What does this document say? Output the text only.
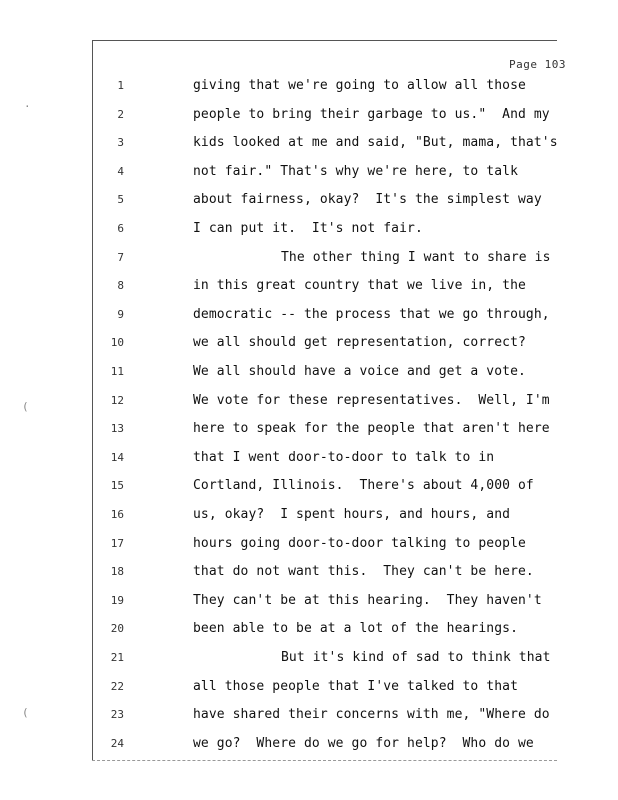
Page 103
1	giving that we're going to allow all those
2	people to bring their garbage to us."  And my
3	kids looked at me and said, "But, mama, that's
4	not fair." That's why we're here, to talk
5	about fairness, okay?  It's the simplest way
6	I can put it.  It's not fair.
7	The other thing I want to share is
8	in this great country that we live in, the
9	democratic -- the process that we go through,
10	we all should get representation, correct?
11	We all should have a voice and get a vote.
12	We vote for these representatives.  Well, I'm
13	here to speak for the people that aren't here
14	that I went door-to-door to talk to in
15	Cortland, Illinois.  There's about 4,000 of
16	us, okay?  I spent hours, and hours, and
17	hours going door-to-door talking to people
18	that do not want this.  They can't be here.
19	They can't be at this hearing.  They haven't
20	been able to be at a lot of the hearings.
21	But it's kind of sad to think that
22	all those people that I've talked to that
23	have shared their concerns with me, "Where do
24	we go?  Where do we go for help?  Who do we
·
(
(
